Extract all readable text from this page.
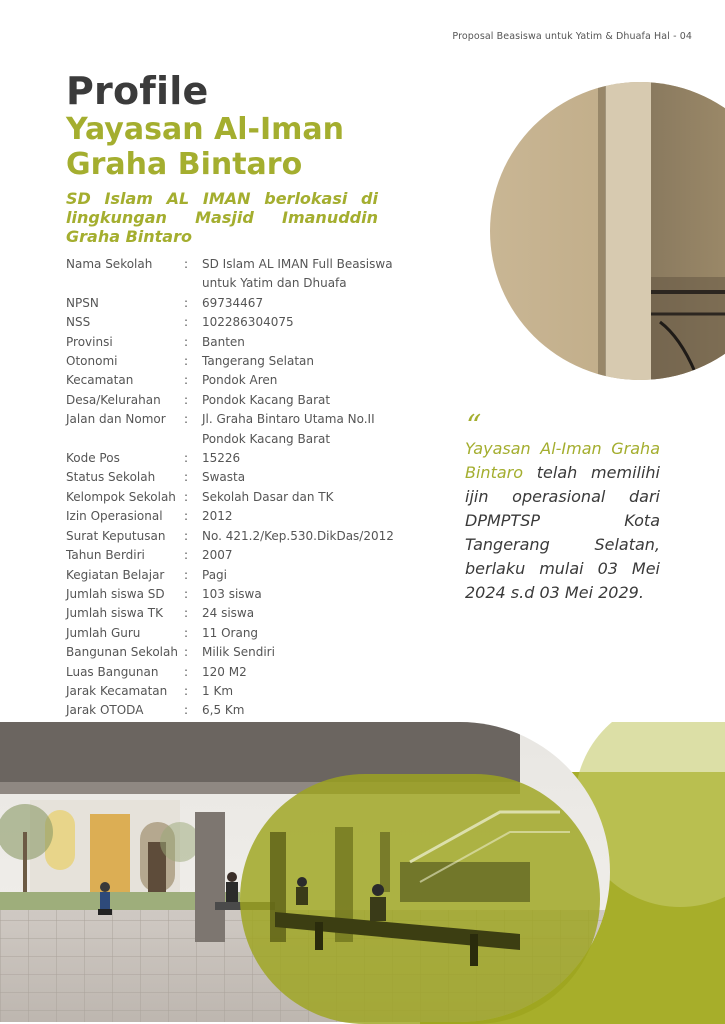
Proposal Beasiswa untuk Yatim & Dhuafa Hal - 04
Profile
Yayasan Al-Iman
Graha Bintaro
SD Islam AL IMAN berlokasi di lingkungan Masjid Imanuddin Graha Bintaro
Nama Sekolah	:	SD Islam AL IMAN Full Beasiswa
untuk Yatim dan Dhuafa
NPSN	:	69734467
NSS	:	102286304075
Provinsi	:	Banten
Otonomi	:	Tangerang Selatan
Kecamatan	:	Pondok Aren
Desa/Kelurahan	:	Pondok Kacang Barat
Jalan dan Nomor	:	Jl. Graha Bintaro Utama No.II
Pondok Kacang Barat
Kode Pos	:	15226
Status Sekolah	:	Swasta
Kelompok Sekolah :	Sekolah Dasar dan TK
Izin Operasional	:	2012
Surat Keputusan	:	No. 421.2/Kep.530.DikDas/2012
Tahun Berdiri	:	2007
Kegiatan Belajar	:	Pagi
Jumlah siswa SD	:	103 siswa
Jumlah siswa TK	:	24 siswa
Jumlah Guru	:	11 Orang
Bangunan Sekolah :	Milik Sendiri
Luas Bangunan	:	120 M2
Jarak Kecamatan	:	1 Km
Jarak OTODA	:	6,5 Km
“
Yayasan Al-Iman Graha Bintaro telah memilihi ijin operasional dari DPMPTSP Kota Tangerang Selatan, berlaku mulai 03 Mei 2024 s.d 03 Mei 2029.
